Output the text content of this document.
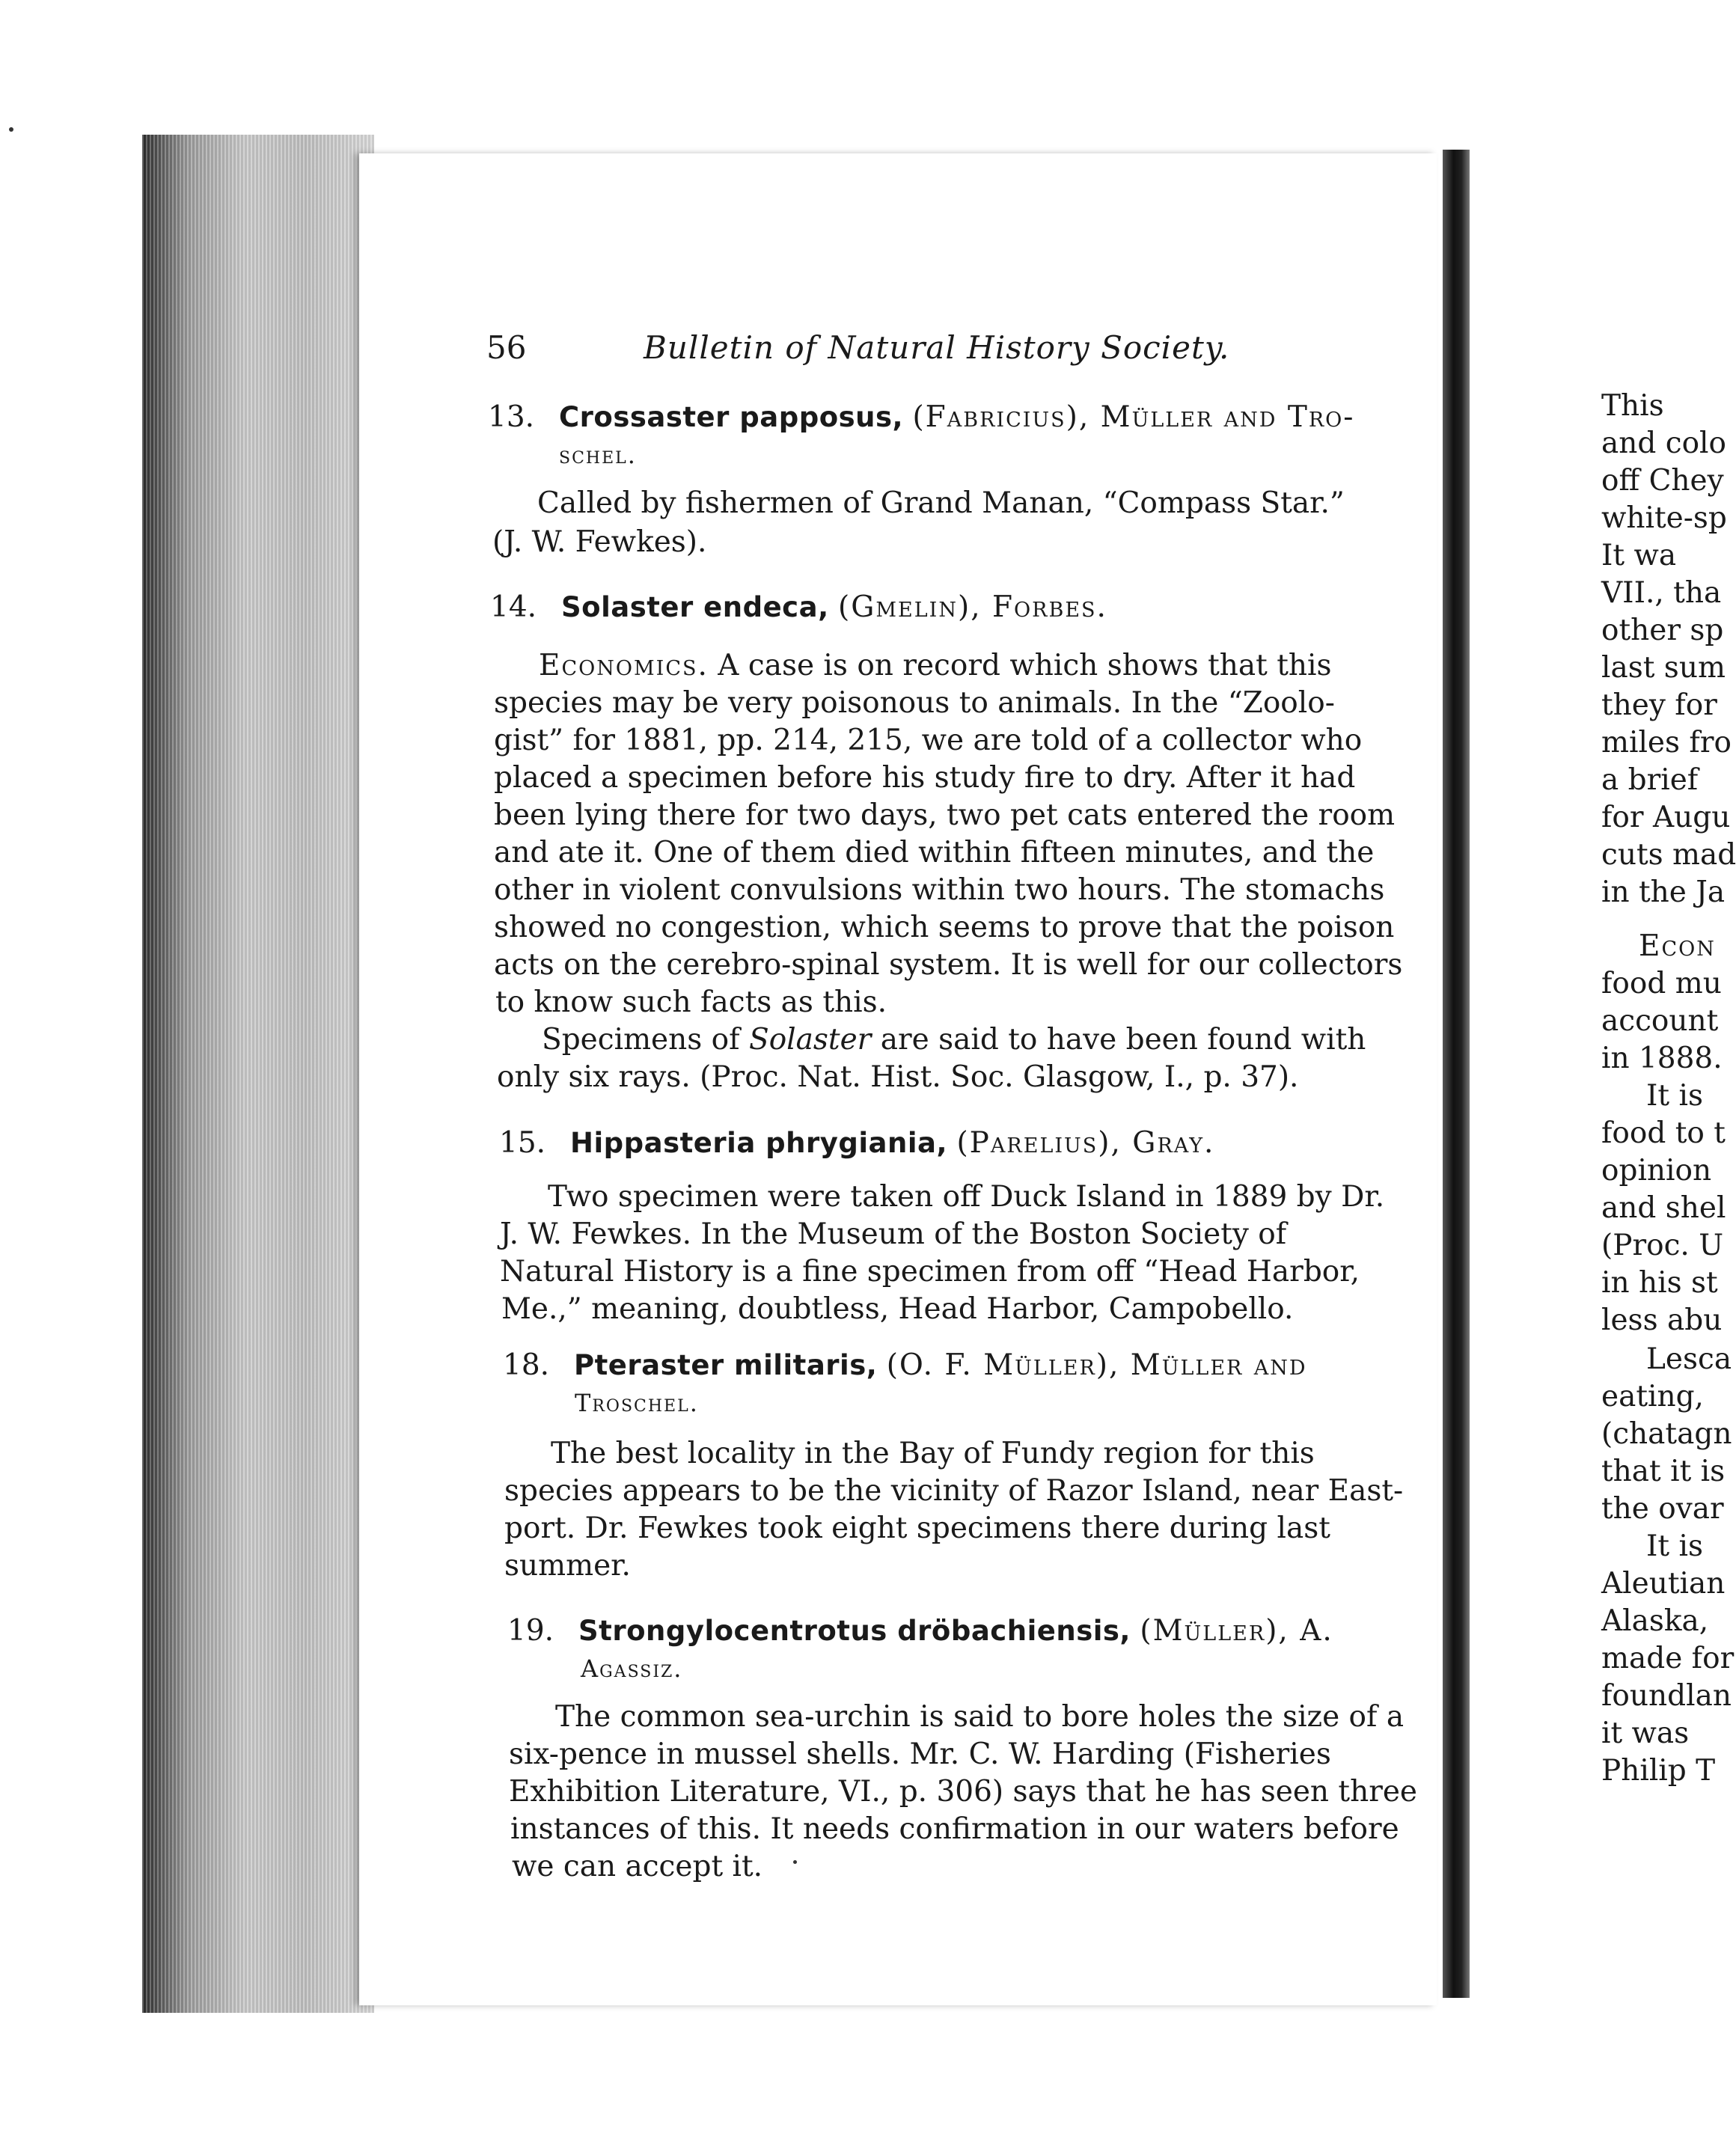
56	Bulletin of Natural History Society.
13. Crossaster papposus, (Fabricius), Müller and Tro-
schel.
Called by fishermen of Grand Manan, “Compass Star.”
(J. W. Fewkes).
14. Solaster endeca, (Gmelin), Forbes.
Economics. A case is on record which shows that this
species may be very poisonous to animals. In the “Zoolo-
gist” for 1881, pp. 214, 215, we are told of a collector who
placed a specimen before his study fire to dry. After it had
been lying there for two days, two pet cats entered the room
and ate it. One of them died within fifteen minutes, and the
other in violent convulsions within two hours. The stomachs
showed no congestion, which seems to prove that the poison
acts on the cerebro-spinal system. It is well for our collectors
to know such facts as this.
Specimens of Solaster are said to have been found with
only six rays. (Proc. Nat. Hist. Soc. Glasgow, I., p. 37).
15. Hippasteria phrygiania, (Parelius), Gray.
Two specimen were taken off Duck Island in 1889 by Dr.
J. W. Fewkes. In the Museum of the Boston Society of
Natural History is a fine specimen from off “Head Harbor,
Me.,” meaning, doubtless, Head Harbor, Campobello.
18. Pteraster militaris, (O. F. Müller), Müller and
Troschel.
The best locality in the Bay of Fundy region for this
species appears to be the vicinity of Razor Island, near East-
port. Dr. Fewkes took eight specimens there during last
summer.
19. Strongylocentrotus dröbachiensis, (Müller), A.
Agassiz.
The common sea-urchin is said to bore holes the size of a
six-pence in mussel shells. Mr. C. W. Harding (Fisheries
Exhibition Literature, VI., p. 306) says that he has seen three
instances of this. It needs confirmation in our waters before
we can accept it.
This
and colo
off Chey
white-sp
It wa
VII., tha
other sp
last sum
they for
miles fro
a brief
for Augu
cuts mad
in the Ja
Econ
food mu
account
in 1888.
It is
food to t
opinion
and shel
(Proc. U
in his st
less abu
Lesca
eating,
(chatagn
that it is
the ovar
It is
Aleutian
Alaska,
made for
foundlan
it was
Philip T
